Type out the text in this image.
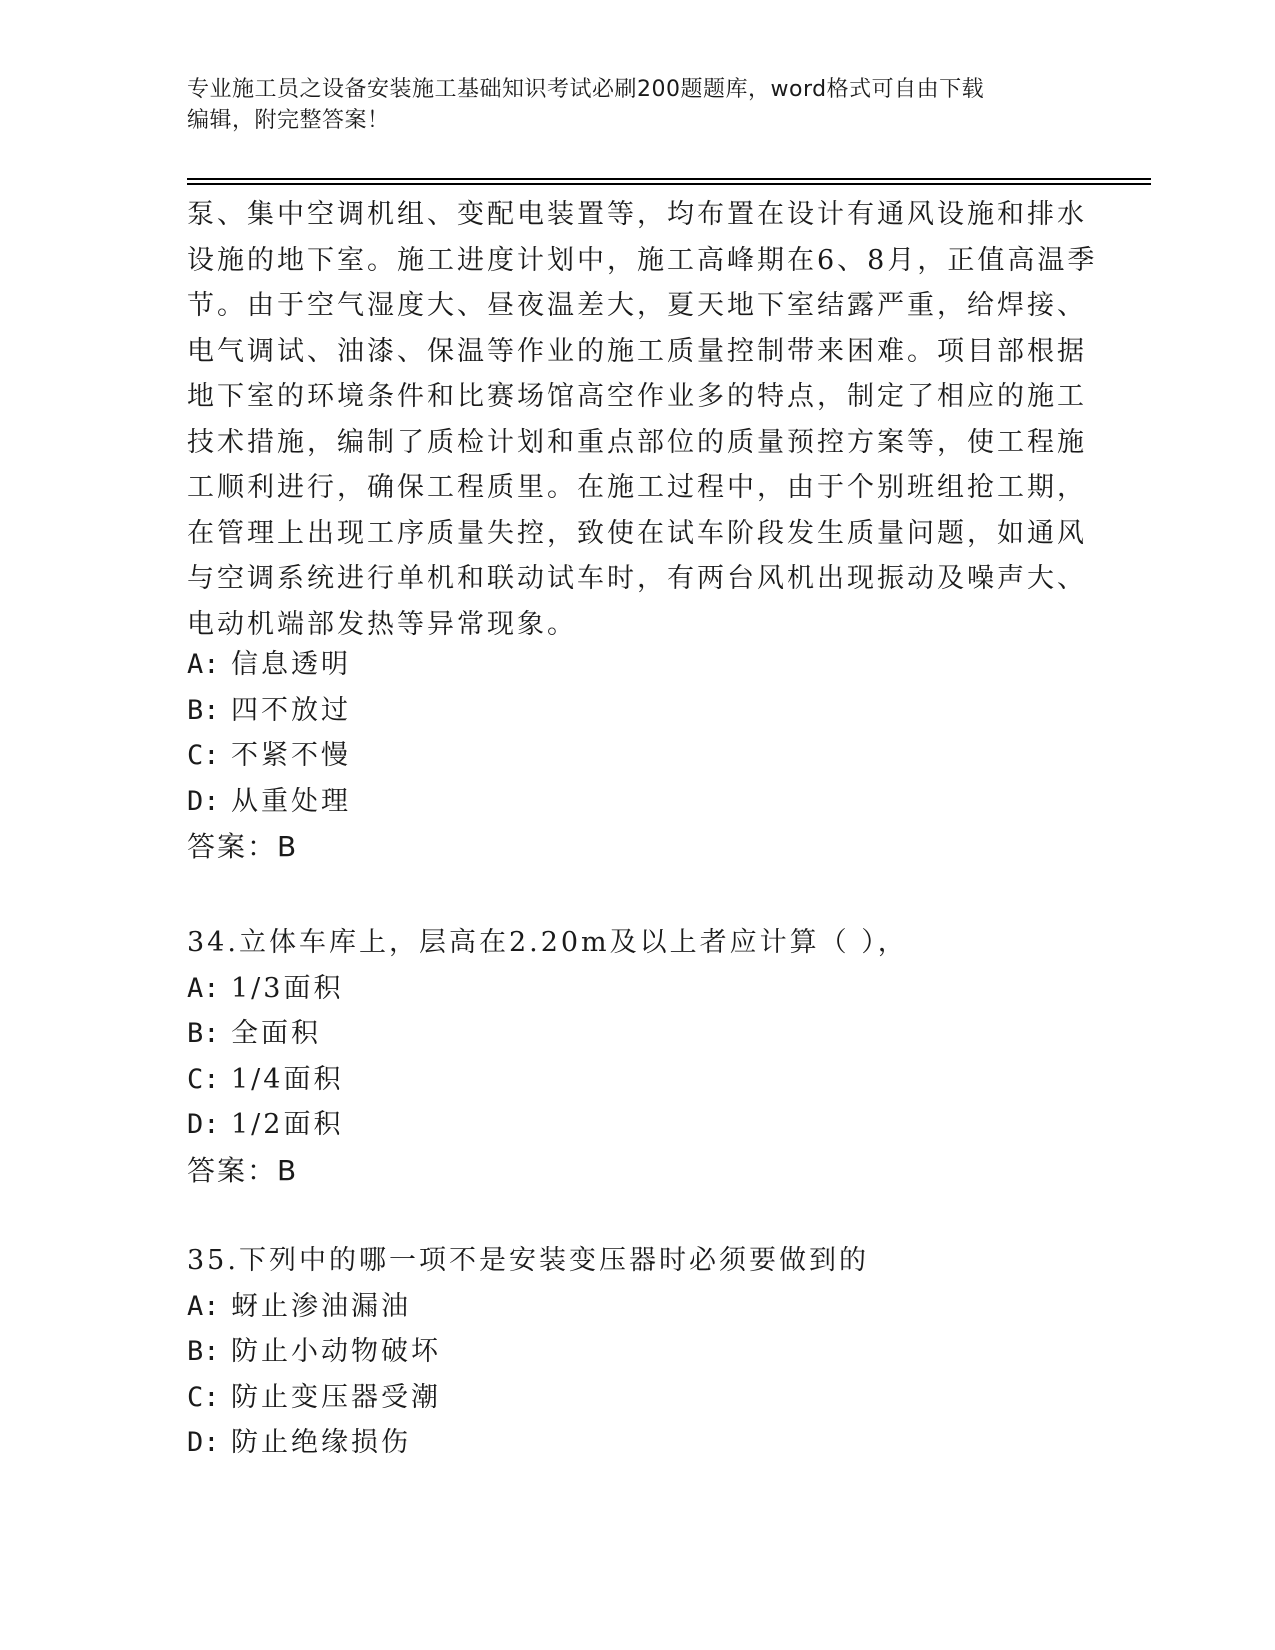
专业施工员之设备安装施工基础知识考试必刷200题题库，word格式可自由下载
编辑，附完整答案！
泵、集中空调机组、变配电装置等，均布置在设计有通风设施和排水
设施的地下室。施工进度计划中，施工高峰期在6、8月，正值高温季
节。由于空气湿度大、昼夜温差大，夏天地下室结露严重，给焊接、
电气调试、油漆、保温等作业的施工质量控制带来困难。项目部根据
地下室的环境条件和比赛场馆高空作业多的特点，制定了相应的施工
技术措施，编制了质检计划和重点部位的质量预控方案等，使工程施
工顺利进行，确保工程质里。在施工过程中，由于个别班组抢工期，
在管理上出现工序质量失控，致使在试车阶段发生质量问题，如通风
与空调系统进行单机和联动试车时，有两台风机出现振动及噪声大、
电动机端部发热等异常现象。
A: 信息透明
B: 四不放过
C: 不紧不慢
D: 从重处理
答案：B
34.立体车库上，层高在2.20m及以上者应计算（ ），
A: 1/3面积
B: 全面积
C: 1/4面积
D: 1/2面积
答案：B
35.下列中的哪一项不是安装变压器时必须要做到的
A: 蚜止渗油漏油
B: 防止小动物破坏
C: 防止变压器受潮
D: 防止绝缘损伤
